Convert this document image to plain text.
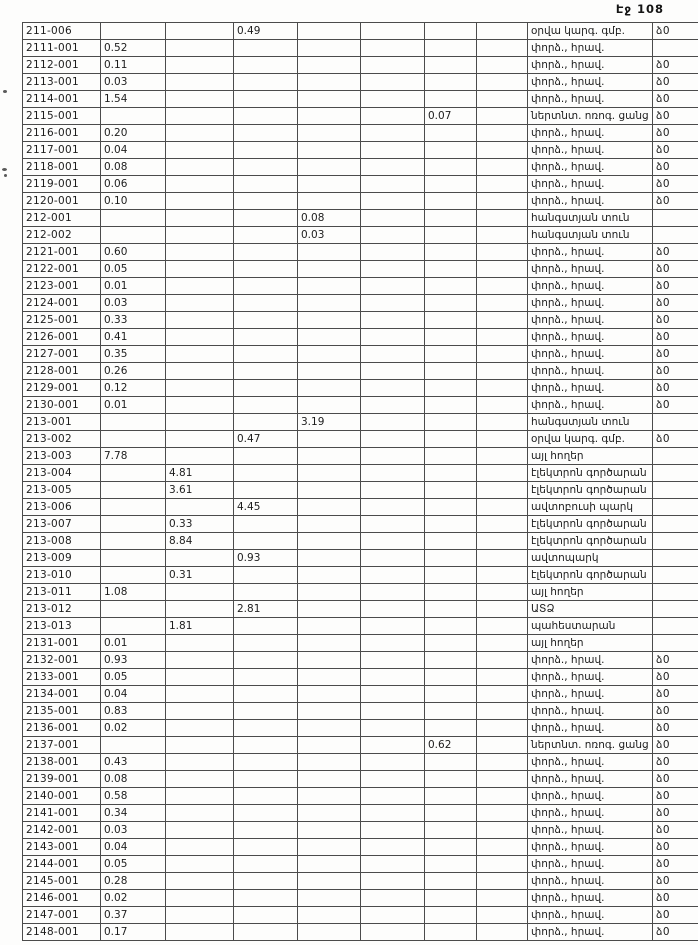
Էջ 108
211-006			0.49					օրվա կարգ. գմբ.	ձ0
2111-001	0.52							փորձ., հրավ.	
2112-001	0.11							փորձ., հրավ.	ձ0
2113-001	0.03							փորձ., հրավ.	ձ0
2114-001	1.54							փորձ., հրավ.	ձ0
2115-001						0.07		ներտնտ. ոռոգ. ցանց	ձ0
2116-001	0.20							փորձ., հրավ.	ձ0
2117-001	0.04							փորձ., հրավ.	ձ0
2118-001	0.08							փորձ., հրավ.	ձ0
2119-001	0.06							փորձ., հրավ.	ձ0
2120-001	0.10							փորձ., հրավ.	ձ0
212-001				0.08				հանգստյան տուն	
212-002				0.03				հանգստյան տուն	
2121-001	0.60							փորձ., հրավ.	ձ0
2122-001	0.05							փորձ., հրավ.	ձ0
2123-001	0.01							փորձ., հրավ.	ձ0
2124-001	0.03							փորձ., հրավ.	ձ0
2125-001	0.33							փորձ., հրավ.	ձ0
2126-001	0.41							փորձ., հրավ.	ձ0
2127-001	0.35							փորձ., հրավ.	ձ0
2128-001	0.26							փորձ., հրավ.	ձ0
2129-001	0.12							փորձ., հրավ.	ձ0
2130-001	0.01							փորձ., հրավ.	ձ0
213-001				3.19				հանգստյան տուն	
213-002			0.47					օրվա կարգ. գմբ.	ձ0
213-003	7.78							այլ հողեր	
213-004		4.81						էլեկտրոն գործարան	
213-005		3.61						էլեկտրոն գործարան	
213-006			4.45					ավտոբուսի պարկ	
213-007		0.33						էլեկտրոն գործարան	
213-008		8.84						էլեկտրոն գործարան	
213-009			0.93					ավտոպարկ	
213-010		0.31						էլեկտրոն գործարան	
213-011	1.08							այլ հողեր	
213-012			2.81					ԱՏՁ	
213-013		1.81						պահեստարան	
2131-001	0.01							այլ հողեր	
2132-001	0.93							փորձ., հրավ.	ձ0
2133-001	0.05							փորձ., հրավ.	ձ0
2134-001	0.04							փորձ., հրավ.	ձ0
2135-001	0.83							փորձ., հրավ.	ձ0
2136-001	0.02							փորձ., հրավ.	ձ0
2137-001						0.62		ներտնտ. ոռոգ. ցանց	ձ0
2138-001	0.43							փորձ., հրավ.	ձ0
2139-001	0.08							փորձ., հրավ.	ձ0
2140-001	0.58							փորձ., հրավ.	ձ0
2141-001	0.34							փորձ., հրավ.	ձ0
2142-001	0.03							փորձ., հրավ.	ձ0
2143-001	0.04							փորձ., հրավ.	ձ0
2144-001	0.05							փորձ., հրավ.	ձ0
2145-001	0.28							փորձ., հրավ.	ձ0
2146-001	0.02							փորձ., հրավ.	ձ0
2147-001	0.37							փորձ., հրավ.	ձ0
2148-001	0.17							փորձ., հրավ.	ձ0
